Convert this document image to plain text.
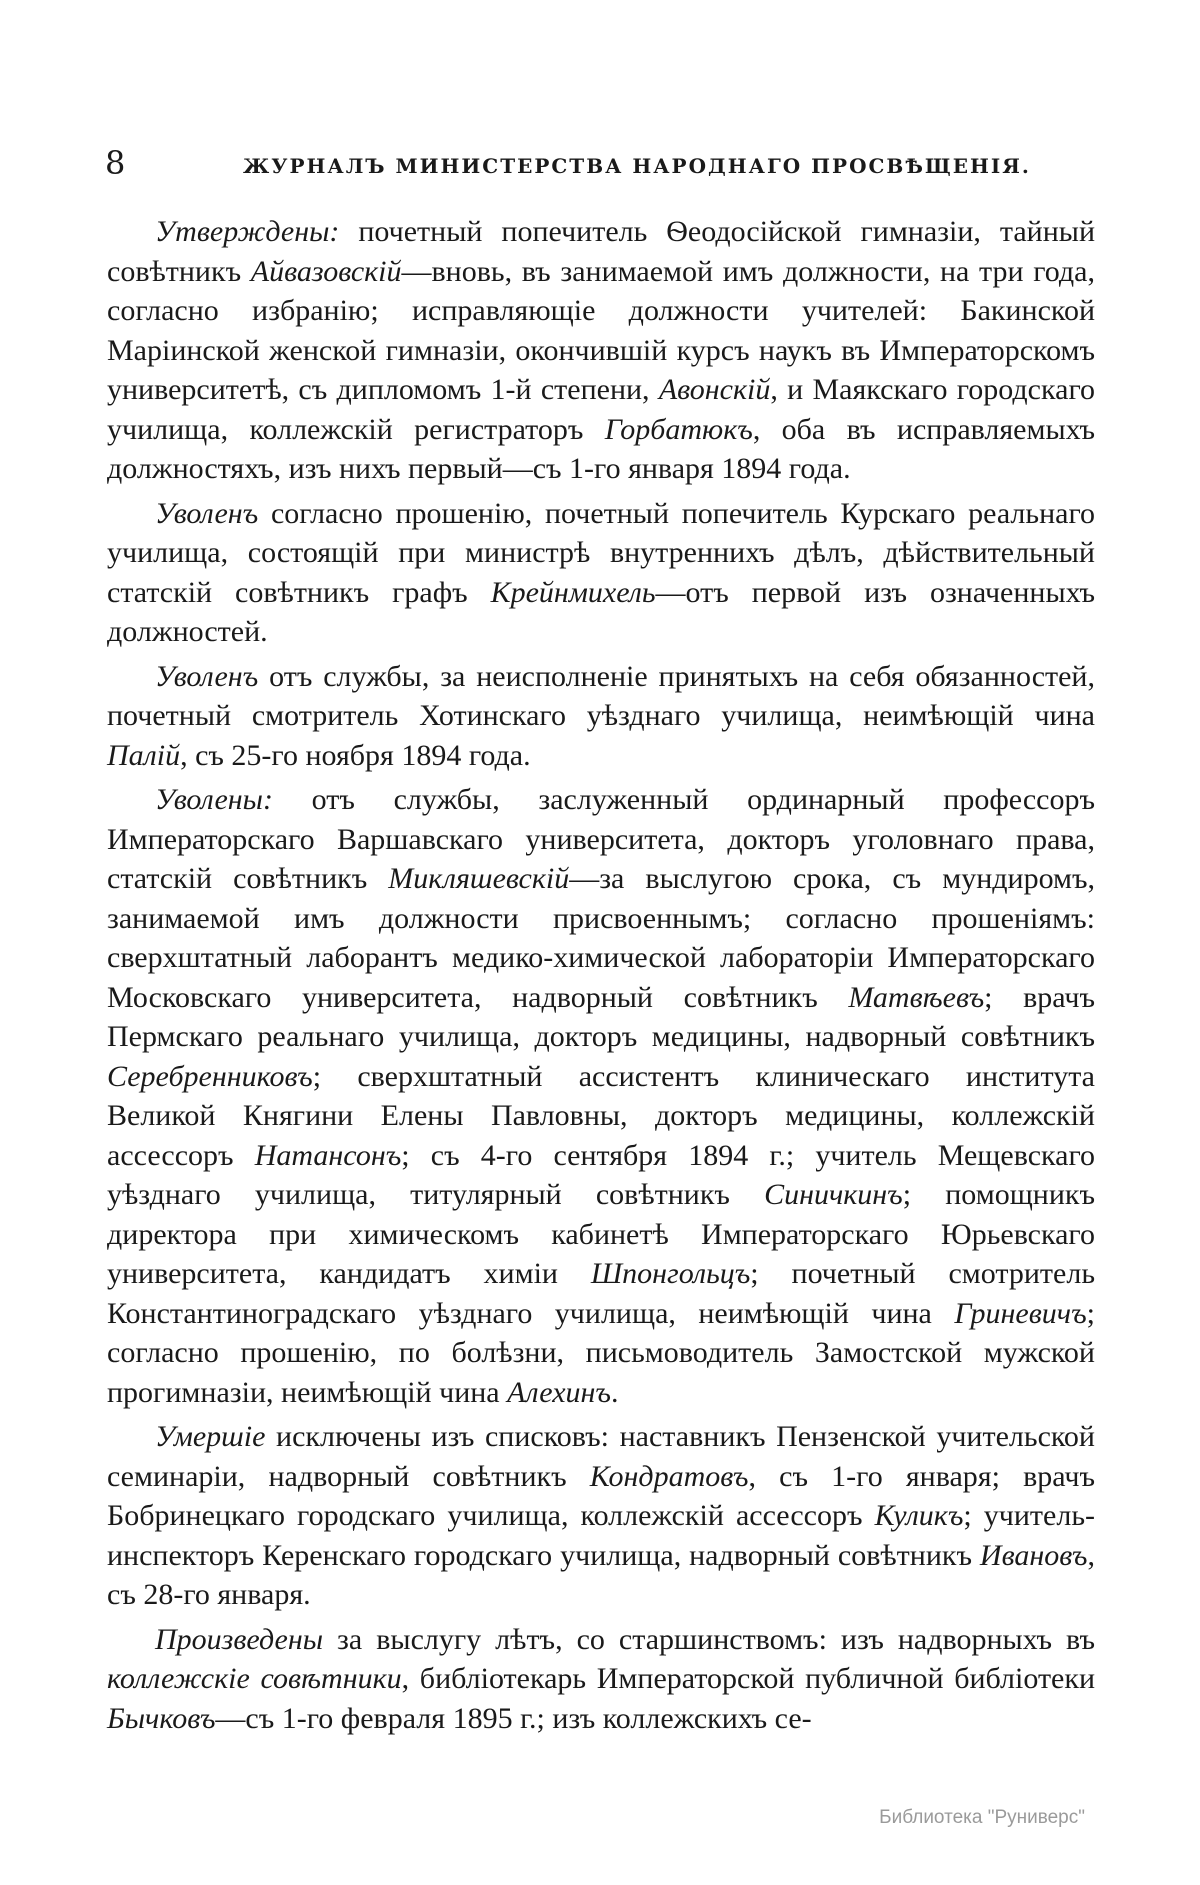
8	ЖУРНАЛЪ МИНИСТЕРСТВА НАРОДНАГО ПРОСВѢЩЕНІЯ.

Утверждены: почетный попечитель Ѳеодосійской гимназіи, тайный совѣтникъ Айвазовскій—вновь, въ занимаемой имъ должности, на три года, согласно избранію; исправляющіе должности учителей: Бакинской Маріинской женской гимназіи, окончившій курсъ наукъ въ Императорскомъ университетѣ, съ дипломомъ 1-й степени, Авонскій, и Маякскаго городскаго училища, коллежскій регистраторъ Горбатюкъ, оба въ исправляемыхъ должностяхъ, изъ нихъ первый—съ 1-го января 1894 года.

Уволенъ согласно прошенію, почетный попечитель Курскаго реальнаго училища, состоящій при министрѣ внутреннихъ дѣлъ, дѣйствительный статскій совѣтникъ графъ Крейнмихель—отъ первой изъ означенныхъ должностей.

Уволенъ отъ службы, за неисполненіе принятыхъ на себя обязанностей, почетный смотритель Хотинскаго уѣзднаго училища, неимѣющій чина Палій, съ 25-го ноября 1894 года.

Уволены: отъ службы, заслуженный ординарный профессоръ Императорскаго Варшавскаго университета, докторъ уголовнаго права, статскій совѣтникъ Микляшевскій—за выслугою срока, съ мундиромъ, занимаемой имъ должности присвоеннымъ; согласно прошеніямъ: сверхштатный лаборантъ медико-химической лабораторіи Императорскаго Московскаго университета, надворный совѣтникъ Матвѣевъ; врачъ Пермскаго реальнаго училища, докторъ медицины, надворный совѣтникъ Серебренниковъ; сверхштатный ассистентъ клиническаго института Великой Княгини Елены Павловны, докторъ медицины, коллежскій ассессоръ Натансонъ; съ 4-го сентября 1894 г.; учитель Мещевскаго уѣзднаго училища, титулярный совѣтникъ Синичкинъ; помощникъ директора при химическомъ кабинетѣ Императорскаго Юрьевскаго университета, кандидатъ химіи Шпонгольцъ; почетный смотритель Константиноградскаго уѣзднаго училища, неимѣющій чина Гриневичъ; согласно прошенію, по болѣзни, письмоводитель Замостской мужской прогимназіи, неимѣющій чина Алехинъ.

Умершіе исключены изъ списковъ: наставникъ Пензенской учительской семинаріи, надворный совѣтникъ Кондратовъ, съ 1-го января; врачъ Бобринецкаго городскаго училища, коллежскій ассессоръ Куликъ; учитель-инспекторъ Керенскаго городскаго училища, надворный совѣтникъ Ивановъ, съ 28-го января.

Произведены за выслугу лѣтъ, со старшинствомъ: изъ надворныхъ въ коллежскіе совѣтники, библіотекарь Императорской публичной библіотеки Бычковъ—съ 1-го февраля 1895 г.; изъ коллежскихъ се-

Библиотека "Руниверс"
